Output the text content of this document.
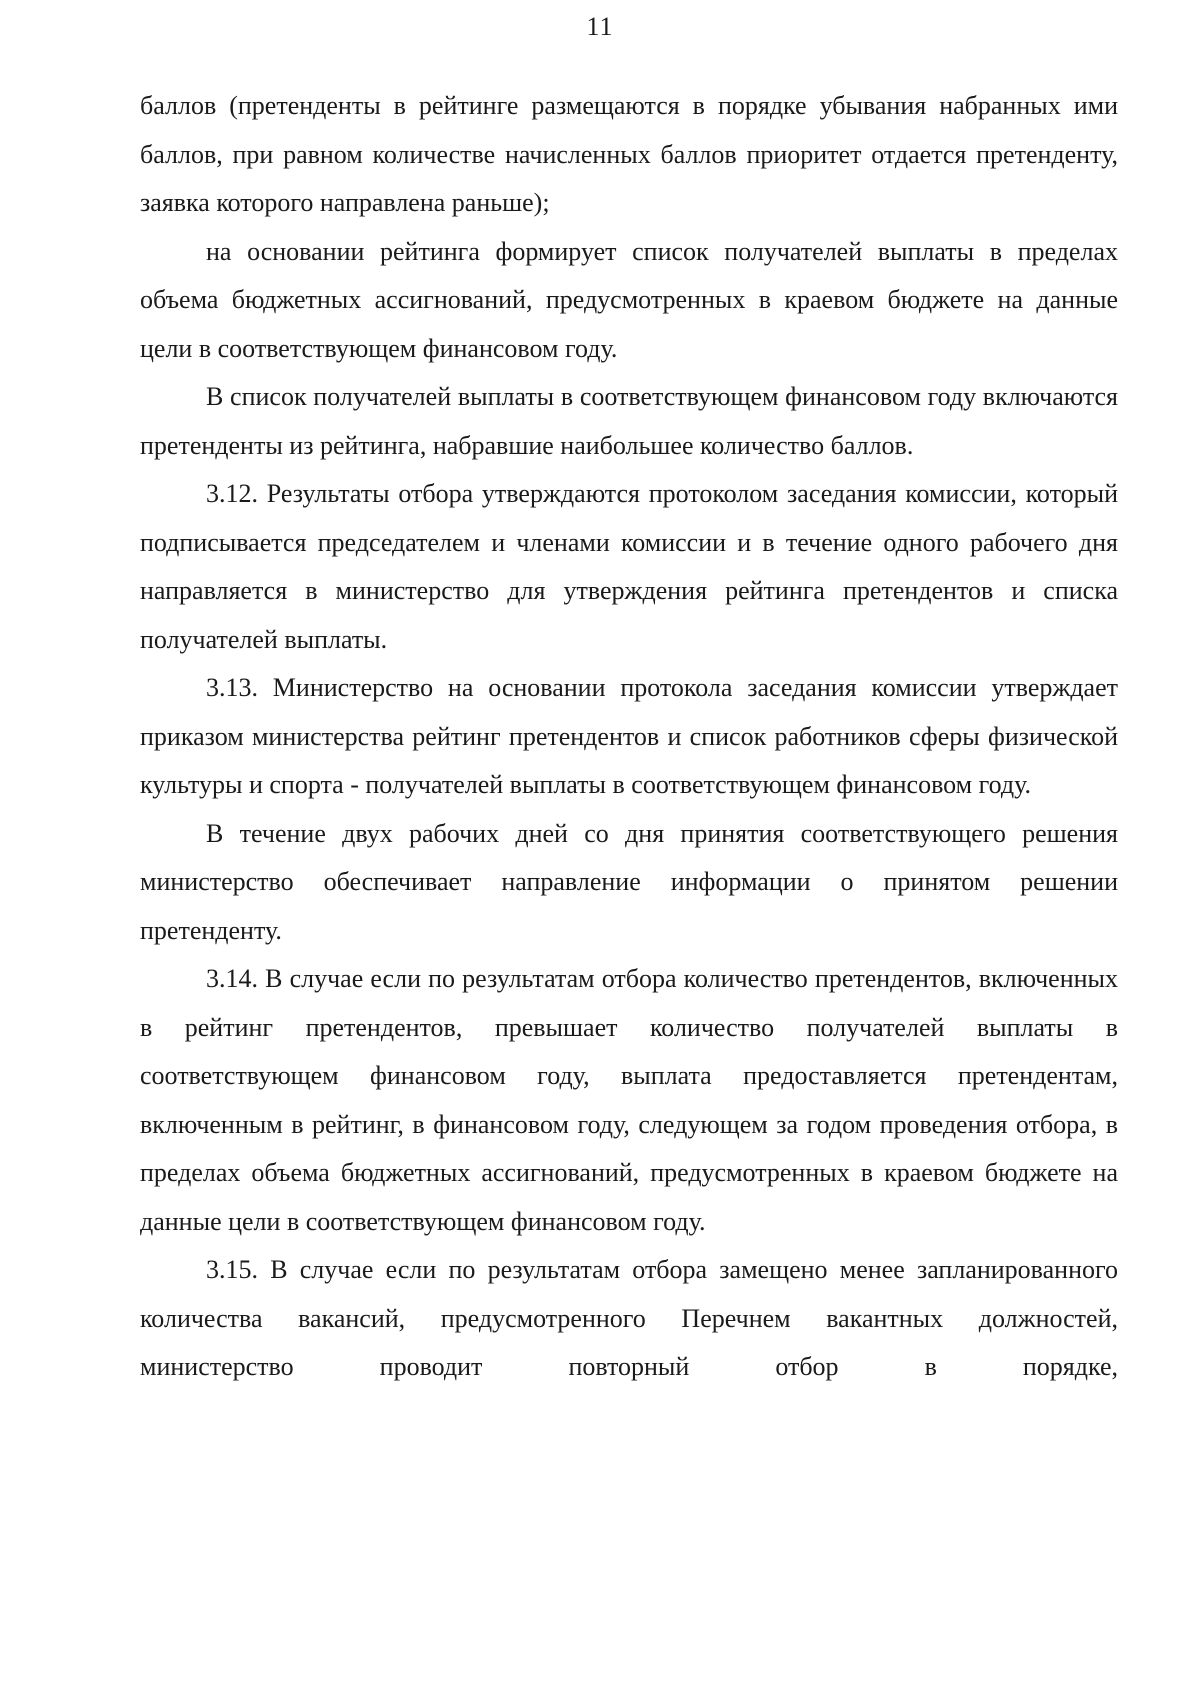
11

баллов (претенденты в рейтинге размещаются в порядке убывания набранных ими баллов, при равном количестве начисленных баллов приоритет отдается претенденту, заявка которого направлена раньше);

на основании рейтинга формирует список получателей выплаты в пределах объема бюджетных ассигнований, предусмотренных в краевом бюджете на данные цели в соответствующем финансовом году.

В список получателей выплаты в соответствующем финансовом году включаются претенденты из рейтинга, набравшие наибольшее количество баллов.

3.12. Результаты отбора утверждаются протоколом заседания комиссии, который подписывается председателем и членами комиссии и в течение одного рабочего дня направляется в министерство для утверждения рейтинга претендентов и списка получателей выплаты.

3.13. Министерство на основании протокола заседания комиссии утверждает приказом министерства рейтинг претендентов и список работников сферы физической культуры и спорта - получателей выплаты в соответствующем финансовом году.

В течение двух рабочих дней со дня принятия соответствующего решения министерство обеспечивает направление информации о принятом решении претенденту.

3.14. В случае если по результатам отбора количество претендентов, включенных в рейтинг претендентов, превышает количество получателей выплаты в соответствующем финансовом году, выплата предоставляется претендентам, включенным в рейтинг, в финансовом году, следующем за годом проведения отбора, в пределах объема бюджетных ассигнований, предусмотренных в краевом бюджете на данные цели в соответствующем финансовом году.

3.15. В случае если по результатам отбора замещено менее запланированного количества вакансий, предусмотренного Перечнем вакантных должностей, министерство проводит повторный отбор в порядке,
